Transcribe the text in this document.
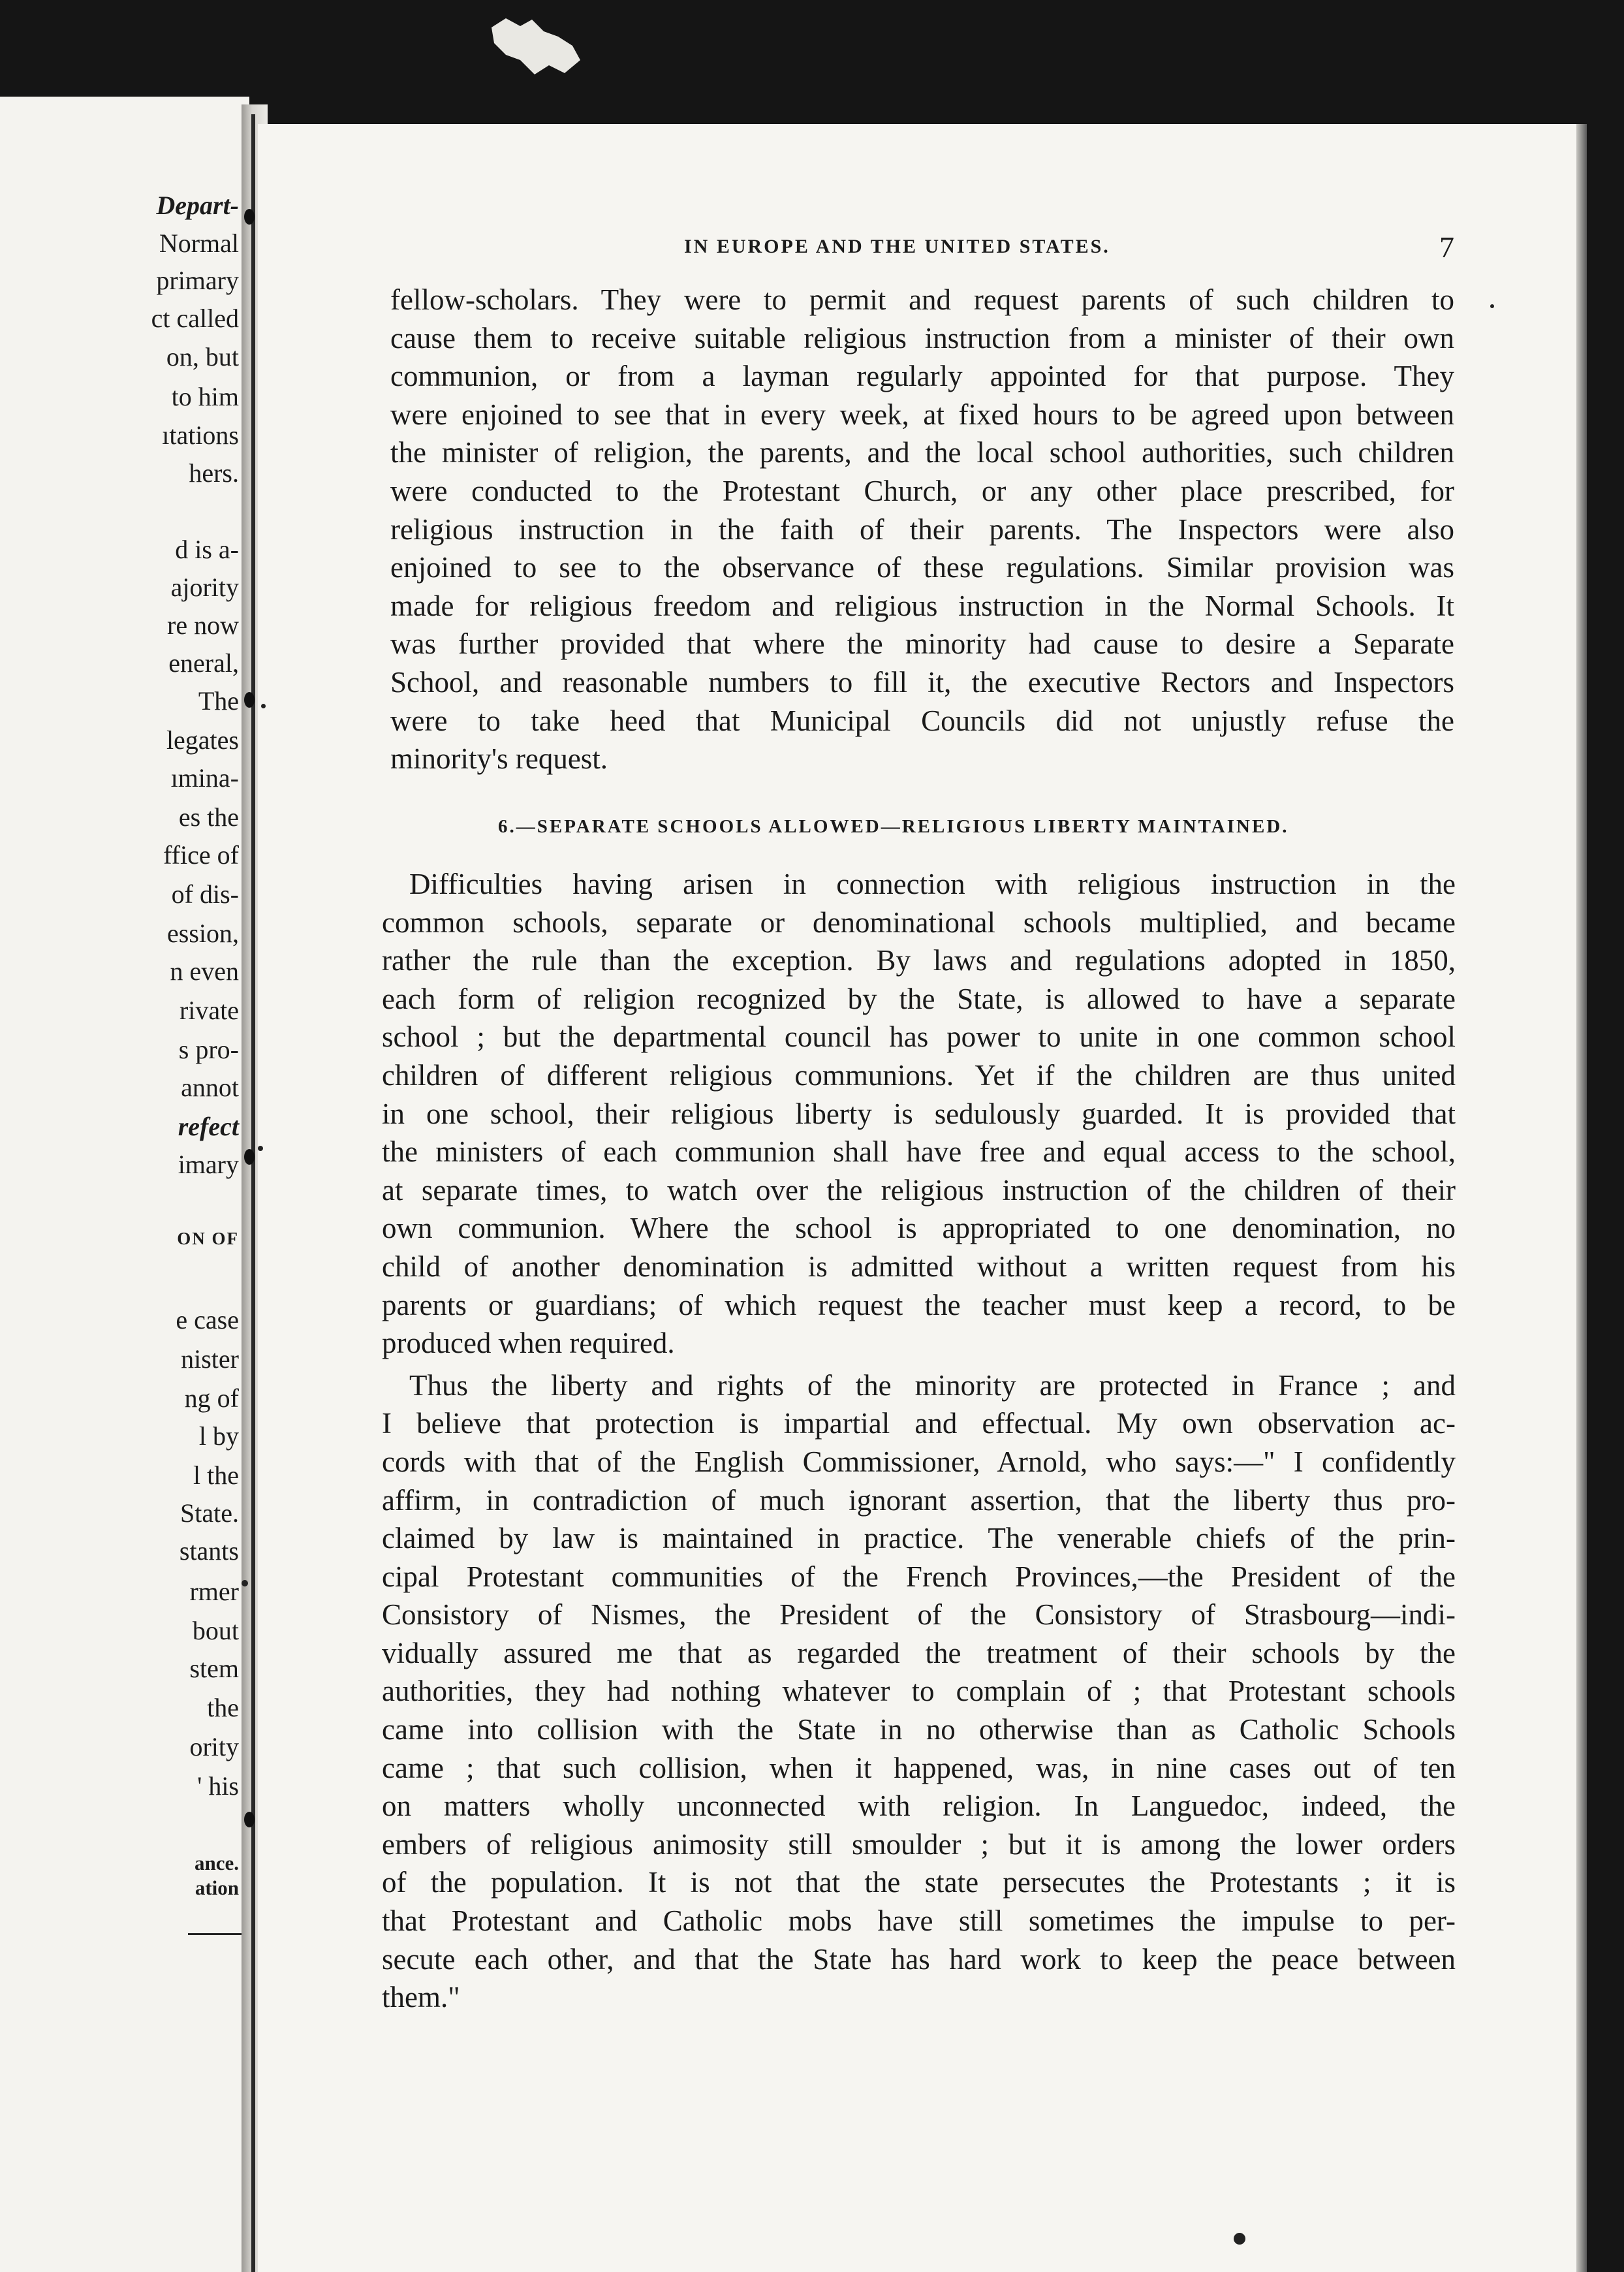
Depart-
Normal
primary
ct called
on, but
to him
ıtations
hers.
d is a-
ajority
re now
eneral,
The
legates
ımina-
es the
ffice of
of dis-
ession,
n even
rivate
s pro-
annot
refect
imary
ON OF
e case
nister
ng of
l by
l the
State.
stants
rmer
bout
stem
the
ority
' his
ance.
ation
IN EUROPE AND THE UNITED STATES.	7
fellow-scholars. They were to permit and request parents of such children to
cause them to receive suitable religious instruction from a minister of their own
communion, or from a layman regularly appointed for that purpose. They
were enjoined to see that in every week, at fixed hours to be agreed upon between
the minister of religion, the parents, and the local school authorities, such children
were conducted to the Protestant Church, or any other place prescribed, for
religious instruction in the faith of their parents. The Inspectors were also
enjoined to see to the observance of these regulations. Similar provision was
made for religious freedom and religious instruction in the Normal Schools. It
was further provided that where the minority had cause to desire a Separate
School, and reasonable numbers to fill it, the executive Rectors and Inspectors
were to take heed that Municipal Councils did not unjustly refuse the
minority's request.
6.—SEPARATE SCHOOLS ALLOWED—RELIGIOUS LIBERTY MAINTAINED.
Difficulties having arisen in connection with religious instruction in the
common schools, separate or denominational schools multiplied, and became
rather the rule than the exception. By laws and regulations adopted in 1850,
each form of religion recognized by the State, is allowed to have a separate
school ; but the departmental council has power to unite in one common school
children of different religious communions. Yet if the children are thus united
in one school, their religious liberty is sedulously guarded. It is provided that
the ministers of each communion shall have free and equal access to the school,
at separate times, to watch over the religious instruction of the children of their
own communion. Where the school is appropriated to one denomination, no
child of another denomination is admitted without a written request from his
parents or guardians; of which request the teacher must keep a record, to be
produced when required.
Thus the liberty and rights of the minority are protected in France ; and
I believe that protection is impartial and effectual. My own observation ac-
cords with that of the English Commissioner, Arnold, who says:—" I confidently
affirm, in contradiction of much ignorant assertion, that the liberty thus pro-
claimed by law is maintained in practice. The venerable chiefs of the prin-
cipal Protestant communities of the French Provinces,—the President of the
Consistory of Nismes, the President of the Consistory of Strasbourg—indi-
vidually assured me that as regarded the treatment of their schools by the
authorities, they had nothing whatever to complain of ; that Protestant schools
came into collision with the State in no otherwise than as Catholic Schools
came ; that such collision, when it happened, was, in nine cases out of ten
on matters wholly unconnected with religion. In Languedoc, indeed, the
embers of religious animosity still smoulder ; but it is among the lower orders
of the population. It is not that the state persecutes the Protestants ; it is
that Protestant and Catholic mobs have still sometimes the impulse to per-
secute each other, and that the State has hard work to keep the peace between
them."
